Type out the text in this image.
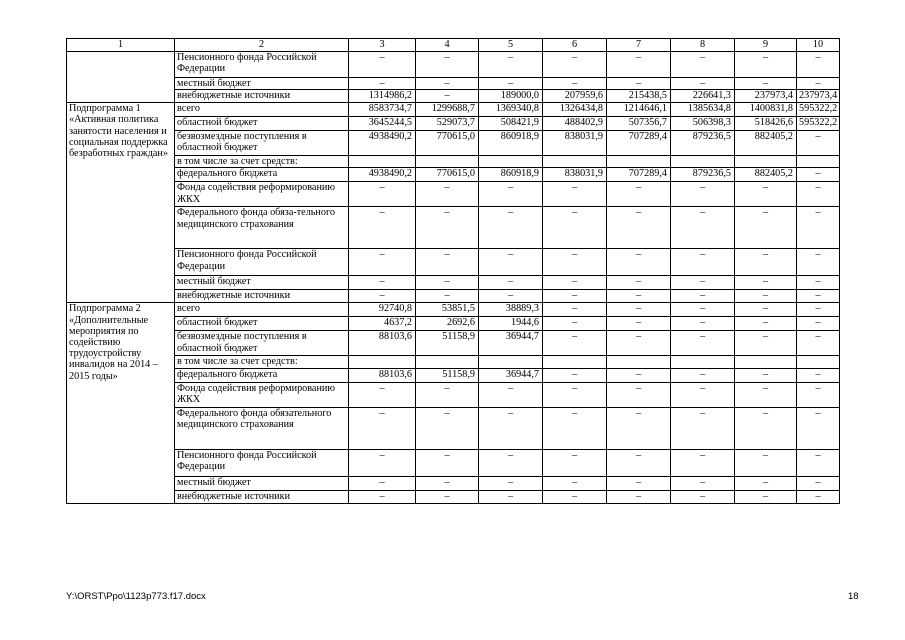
1	2	3	4	5	6	7	8	9	10
	Пенсионного фонда Российской Федерации	–	–	–	–	–	–	–	–
	местный бюджет	–	–	–	–	–	–	–	–
	внебюджетные источники	1314986,2	–	189000,0	207959,6	215438,5	226641,3	237973,4	237973,4
Подпрограмма 1 «Активная политика занятости населения и социальная поддержка безработных граждан»	всего	8583734,7	1299688,7	1369340,8	1326434,8	1214646,1	1385634,8	1400831,8	595322,2
	областной бюджет	3645244,5	529073,7	508421,9	488402,9	507356,7	506398,3	518426,6	595322,2
	безвозмездные поступления в областной бюджет	4938490,2	770615,0	860918,9	838031,9	707289,4	879236,5	882405,2	–
	в том числе за счет средств:								
	федерального бюджета	4938490,2	770615,0	860918,9	838031,9	707289,4	879236,5	882405,2	–
	Фонда содействия реформированию ЖКХ	–	–	–	–	–	–	–	–
	Федерального фонда обяза-тельного медицинского страхования	–	–	–	–	–	–	–	–
	Пенсионного фонда Российской Федерации	–	–	–	–	–	–	–	–
	местный бюджет	–	–	–	–	–	–	–	–
	внебюджетные источники	–	–	–	–	–	–	–	–
Подпрограмма 2 «Дополнительные мероприятия по содействию трудоустройству инвалидов на 2014 – 2015 годы»	всего	92740,8	53851,5	38889,3	–	–	–	–	–
	областной бюджет	4637,2	2692,6	1944,6	–	–	–	–	–
	безвозмездные поступления в областной бюджет	88103,6	51158,9	36944,7	–	–	–	–	–
	в том числе за счет средств:								
	федерального бюджета	88103,6	51158,9	36944,7	–	–	–	–	–
	Фонда содействия реформированию ЖКХ	–	–	–	–	–	–	–	–
	Федерального фонда обязательного медицинского страхования	–	–	–	–	–	–	–	–
	Пенсионного фонда Российской Федерации	–	–	–	–	–	–	–	–
	местный бюджет	–	–	–	–	–	–	–	–
	внебюджетные источники	–	–	–	–	–	–	–	–
Y:\ORST\Ppo\1123p773.f17.docx	18
